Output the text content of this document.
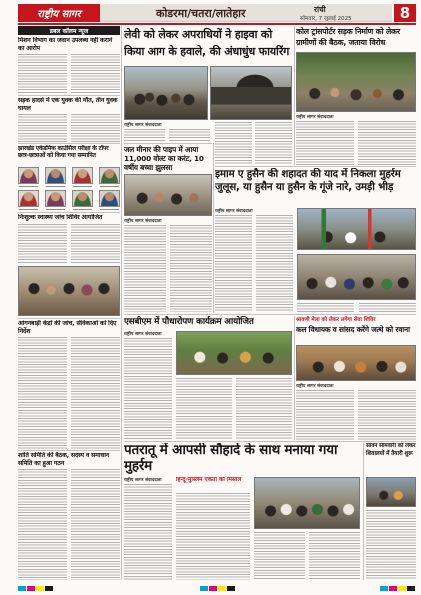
राष्ट्रीय सागर	कोडरमा/चतरा/लातेहार	रांची
सोमवार, 7 जुलाई 2025	8
डबल कॉलम न्यूज
मिशन विभाग का जवान उपलब्ध नहीं कराने का आरोप
सड़क हादसे में एक युवक की मौत, तीन युवक घायल
झारखंड एकेडमिक काउंसिल परीक्षा के टॉपर छात्र-छात्राओं को किया गया सम्मानित
निःशुल्क स्वास्थ्य जांच शिविर आयोजित
आंगनबाड़ी केंद्रों की जांच, सेविकाओं को दिए निर्देश
शांति समिति की बैठक, सदस्य व समाधान समिति का हुआ गठन
लेवी को लेकर अपराधियों ने हाइवा को किया आग के हवाले, की अंधाधुंध फायरिंग
राष्ट्रीय सागर संवाददाता
कोल ट्रांसपोर्टर सड़क निर्माण को लेकर ग्रामीणों की बैठक, जताया विरोध
राष्ट्रीय सागर संवाददाता
जल मीनार की पाइप में आया 11,000 वोल्ट का करंट, 10 वर्षीय बच्चा झुलसा
राष्ट्रीय सागर संवाददाता
इमाम ए हुसैन की शहादत की याद में निकला मुहर्रम जुलूस, या हुसैन या हुसैन के गूंजे नारे, उमड़ी भीड़
राष्ट्रीय सागर संवाददाता
एसबीएम में पौधारोपण कार्यक्रम आयोजित
राष्ट्रीय सागर संवाददाता
श्रावणी मेला को लेकर लगेगा सेवा शिविर
कल विधायक व सांसद करेंगे जत्थे को रवाना
राष्ट्रीय सागर संवाददाता
पतरातू में आपसी सौहार्द के साथ मनाया गया मुहर्रम
राष्ट्रीय सागर संवाददाता	हिन्दू-मुस्लिम एकता की मिसाल
सावन सोमवारी को लेकर शिवालयों में तैयारी शुरू
